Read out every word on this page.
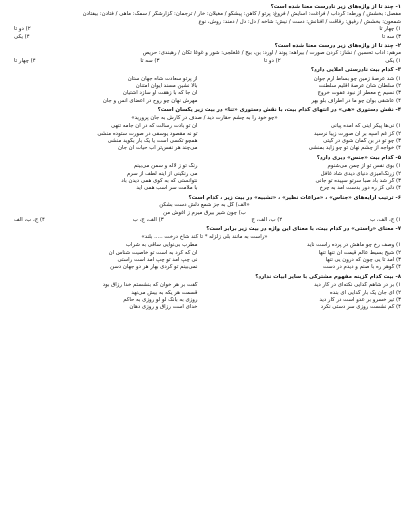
۱- چند تا از واژه‌های زیر نادرست معنا شده است؟
مفصل: بخشش / ورطه: گرداب / فراغت: آسایش / فروغ: پرتو / کاهن: پیشگو / مغیلان: خار / ترجمان: گزارشگر / سمک: ماهی / فتادن: بیفتادن
شمعون: بخشش / رفیق: رفاقت / افنانش: دست / نیش: شاخه / دل: دل / دمند: روش، نوع
۱) چهار تا
۲) دو تا
۳) سه تا
۴) یکی
۲- چند تا از واژه‌های زیر درست معنا شده است؟
مرهم: آداب تحسین / نشاز: کردن صورت / بیراهه: پوند / اورد: بن، بیخ / غلغلجی: شور و غوغا تکان / رهبندی: حریص
۱) یکی
۲) دو تا
۳) سه تا
۴) چهار تا
۳- کدام بیت نادرستی املایی دارد؟
۱) شد عرصهٔ زمین چو بساط ارم جوان
از پرتو سعادت شاه جهان ستان
۲) سلطان شان عرصهٔ اقلیم سلطنت
بالا نشین مسند ایوان امتنان
۳) نسیم خ معطر از نبود عفوت خروج
آن جا که با زهقت او سازد آشتیان
۴) عاشقی بوان چو ما در اطراف بلو بهر
مهرش نهان چو روح در اعضای انس و جان
۴- نقش دستوری «هی» در انتهای کدام بیت، با نقش دستوری «تنا» در بیت زیر یکسان است؟
«چو خود را به چشم حقارت دید / صدف در کارش به جان پرورید»
۱) نی‌ها پیکر اینی که آمده پیانی
آن تو بادت رسالت که در آن جامه تنهی
۲) کز غم اسپه بر آن صورت زیبا نرسید
تو نه مقصود یوسفی در صورت ستوده منشی
۳) چو تو در بن گمان شوی در گیتی
همچو تکسی است یا یک بار بگوید منشی
۴) خواجه از چشم نهان تو چو زاید بمنشی
می‌چند هر نفس‌تر آب حیات آن جان
۵- کدام بیت «جنس» دیری دارد؟
۱) بوی نفس تو از چمن می‌شنوم
رنگ تو ز لاله و سمن می‌بینم
۲) زرنگ‌آمیزی دنیای دیدی شاد غافل
می رنگینی از آینه لطف از سرم
۳) گر شد باد صبا سرتو سپیده تو جانی
نتوانستی که به کوی همی دیدن باد
۴) دلی کز ره دور بدست آمد به چرخ
با ملامت سر اسب همی آید
۶- ترتیب آرایه‌های «جناس» ، «مراعات نظیر» ، «تشبیه» در بیت زیر ، کدام است؟
«الف) گل به جز شمع دلش دست بشکن
ب) چون شیر بیرق میرم ز آغوش من
۱) ج، الف، ب
۲) ب، الف، ج
۳) الف، ج، ب
۴) ج، ب، الف
۷- معنای «راستی» در کدام بیت، با معنای این واژه در بیت زیر برابر است؟
«راست به مانند بلی زلزله * تا کند شاخ درخت ..... بلند»
۱) وصف رخ چو ماهش در پرده راست ناید
مطرب بی‌نوایی ساقی به شراب
۲) شیخ بسیط عالم قیمت آن تنها تنها
آن که کرد به است تو خاصیت شناس آن
۳) آمد تا یی چون که درون یی تنها
نی چپ آمد تو چپ آمد است راستی
۴) گوهر ره با صنم و دیدم در دست
نمی‌بینم تو کردی بهار هر دو جهان دسن
۸- بیت کدام گزینه مفهوم مشترکی با سایر ابیات ندارد؟
۱) بر در شاهم گدایی نکته‌ای در کار دید
گفت بر هر خوان که بنشستم خدا رزاق بود
۲) ای جان یک بار گدایی ای بنده
قسمت هر یکه به بیش می‌نهد
۳) تیر خسرو بر عدو است در کار دید
روزی به بانک لو لو روزی به حاکم
۴) کم نشست روزی سر دستی نکرد
خدای است رزاق و روزی دهان
